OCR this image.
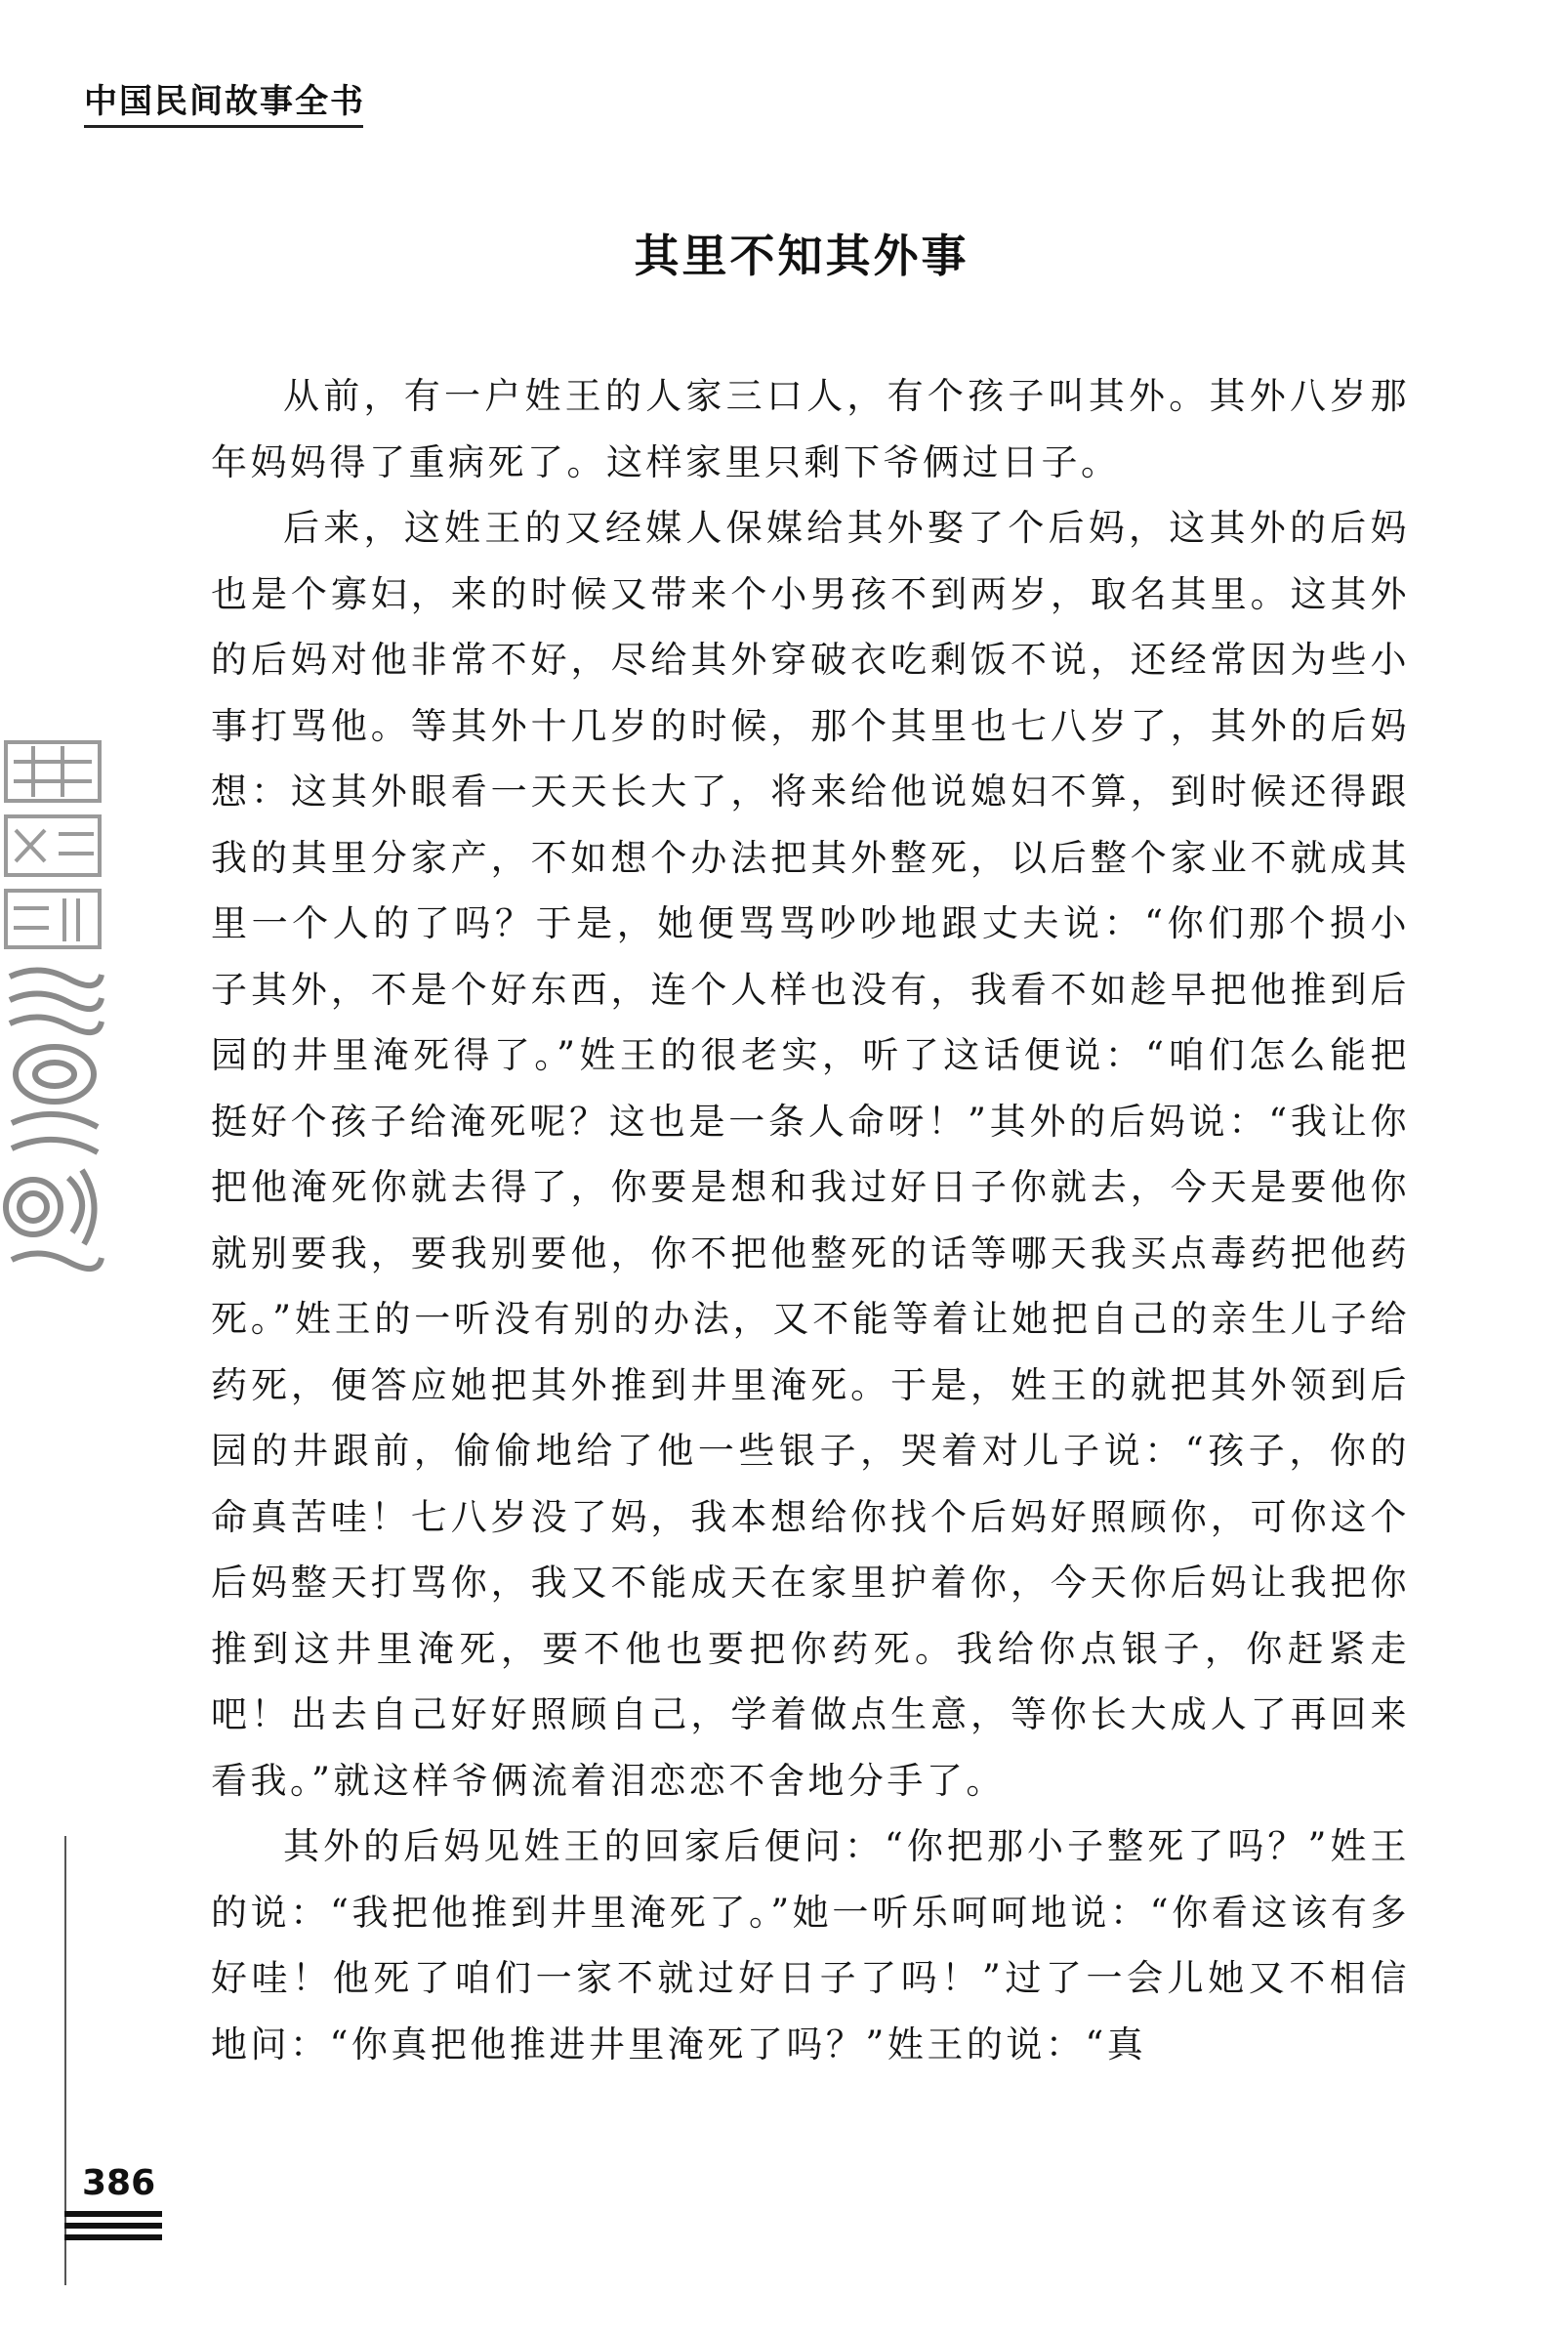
中国民间故事全书
其里不知其外事

从前，有一户姓王的人家三口人，有个孩子叫其外。其外八岁那年妈妈得了重病死了。这样家里只剩下爷俩过日子。

后来，这姓王的又经媒人保媒给其外娶了个后妈，这其外的后妈也是个寡妇，来的时候又带来个小男孩不到两岁，取名其里。这其外的后妈对他非常不好，尽给其外穿破衣吃剩饭不说，还经常因为些小事打骂他。等其外十几岁的时候，那个其里也七八岁了，其外的后妈想：这其外眼看一天天长大了，将来给他说媳妇不算，到时候还得跟我的其里分家产，不如想个办法把其外整死，以后整个家业不就成其里一个人的了吗？于是，她便骂骂吵吵地跟丈夫说：“你们那个损小子其外，不是个好东西，连个人样也没有，我看不如趁早把他推到后园的井里淹死得了。”姓王的很老实，听了这话便说：“咱们怎么能把挺好个孩子给淹死呢？这也是一条人命呀！”其外的后妈说：“我让你把他淹死你就去得了，你要是想和我过好日子你就去，今天是要他你就别要我，要我别要他，你不把他整死的话等哪天我买点毒药把他药死。”姓王的一听没有别的办法，又不能等着让她把自己的亲生儿子给药死，便答应她把其外推到井里淹死。于是，姓王的就把其外领到后园的井跟前，偷偷地给了他一些银子，哭着对儿子说：“孩子，你的命真苦哇！七八岁没了妈，我本想给你找个后妈好照顾你，可你这个后妈整天打骂你，我又不能成天在家里护着你，今天你后妈让我把你推到这井里淹死，要不他也要把你药死。我给你点银子，你赶紧走吧！出去自己好好照顾自己，学着做点生意，等你长大成人了再回来看我。”就这样爷俩流着泪恋恋不舍地分手了。

其外的后妈见姓王的回家后便问：“你把那小子整死了吗？”姓王的说：“我把他推到井里淹死了。”她一听乐呵呵地说：“你看这该有多好哇！他死了咱们一家不就过好日子了吗！”过了一会儿她又不相信地问：“你真把他推进井里淹死了吗？”姓王的说：“真

386
